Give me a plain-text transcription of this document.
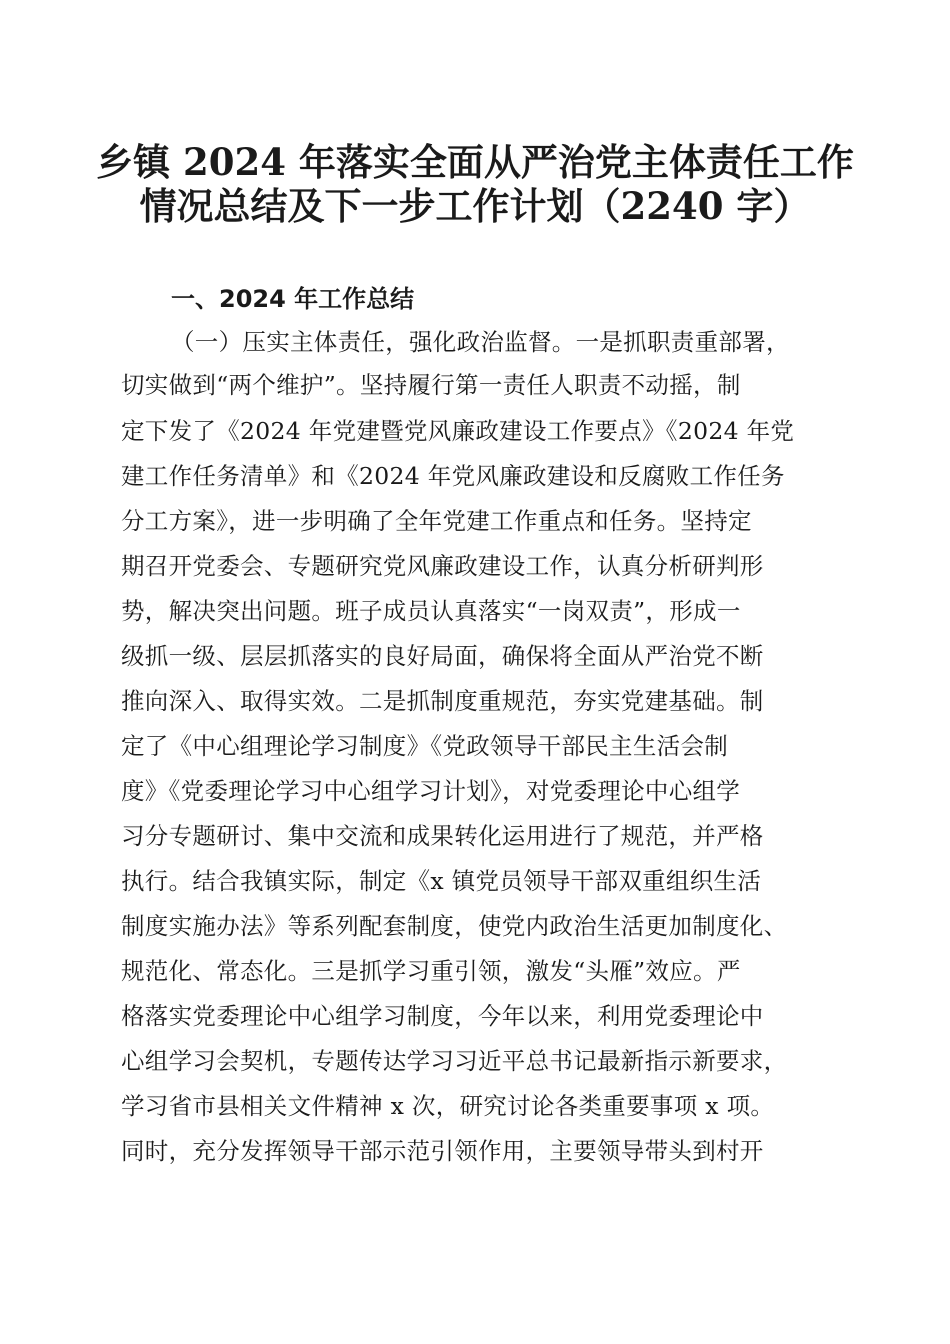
乡镇 2024 年落实全面从严治党主体责任工作
情况总结及下一步工作计划（2240 字）
一、2024 年工作总结

（一）压实主体责任，强化政治监督。一是抓职责重部署，

切实做到“两个维护”。坚持履行第一责任人职责不动摇，制

定下发了《2024 年党建暨党风廉政建设工作要点》《2024 年党

建工作任务清单》和《2024 年党风廉政建设和反腐败工作任务

分工方案》，进一步明确了全年党建工作重点和任务。坚持定

期召开党委会、专题研究党风廉政建设工作，认真分析研判形

势，解决突出问题。班子成员认真落实“一岗双责”，形成一

级抓一级、层层抓落实的良好局面，确保将全面从严治党不断

推向深入、取得实效。二是抓制度重规范，夯实党建基础。制

定了《中心组理论学习制度》《党政领导干部民主生活会制

度》《党委理论学习中心组学习计划》，对党委理论中心组学

习分专题研讨、集中交流和成果转化运用进行了规范，并严格

执行。结合我镇实际，制定《x 镇党员领导干部双重组织生活

制度实施办法》等系列配套制度，使党内政治生活更加制度化、

规范化、常态化。三是抓学习重引领，激发“头雁”效应。严

格落实党委理论中心组学习制度，今年以来，利用党委理论中

心组学习会契机，专题传达学习习近平总书记最新指示新要求，

学习省市县相关文件精神 x 次，研究讨论各类重要事项 x 项。

同时，充分发挥领导干部示范引领作用，主要领导带头到村开
